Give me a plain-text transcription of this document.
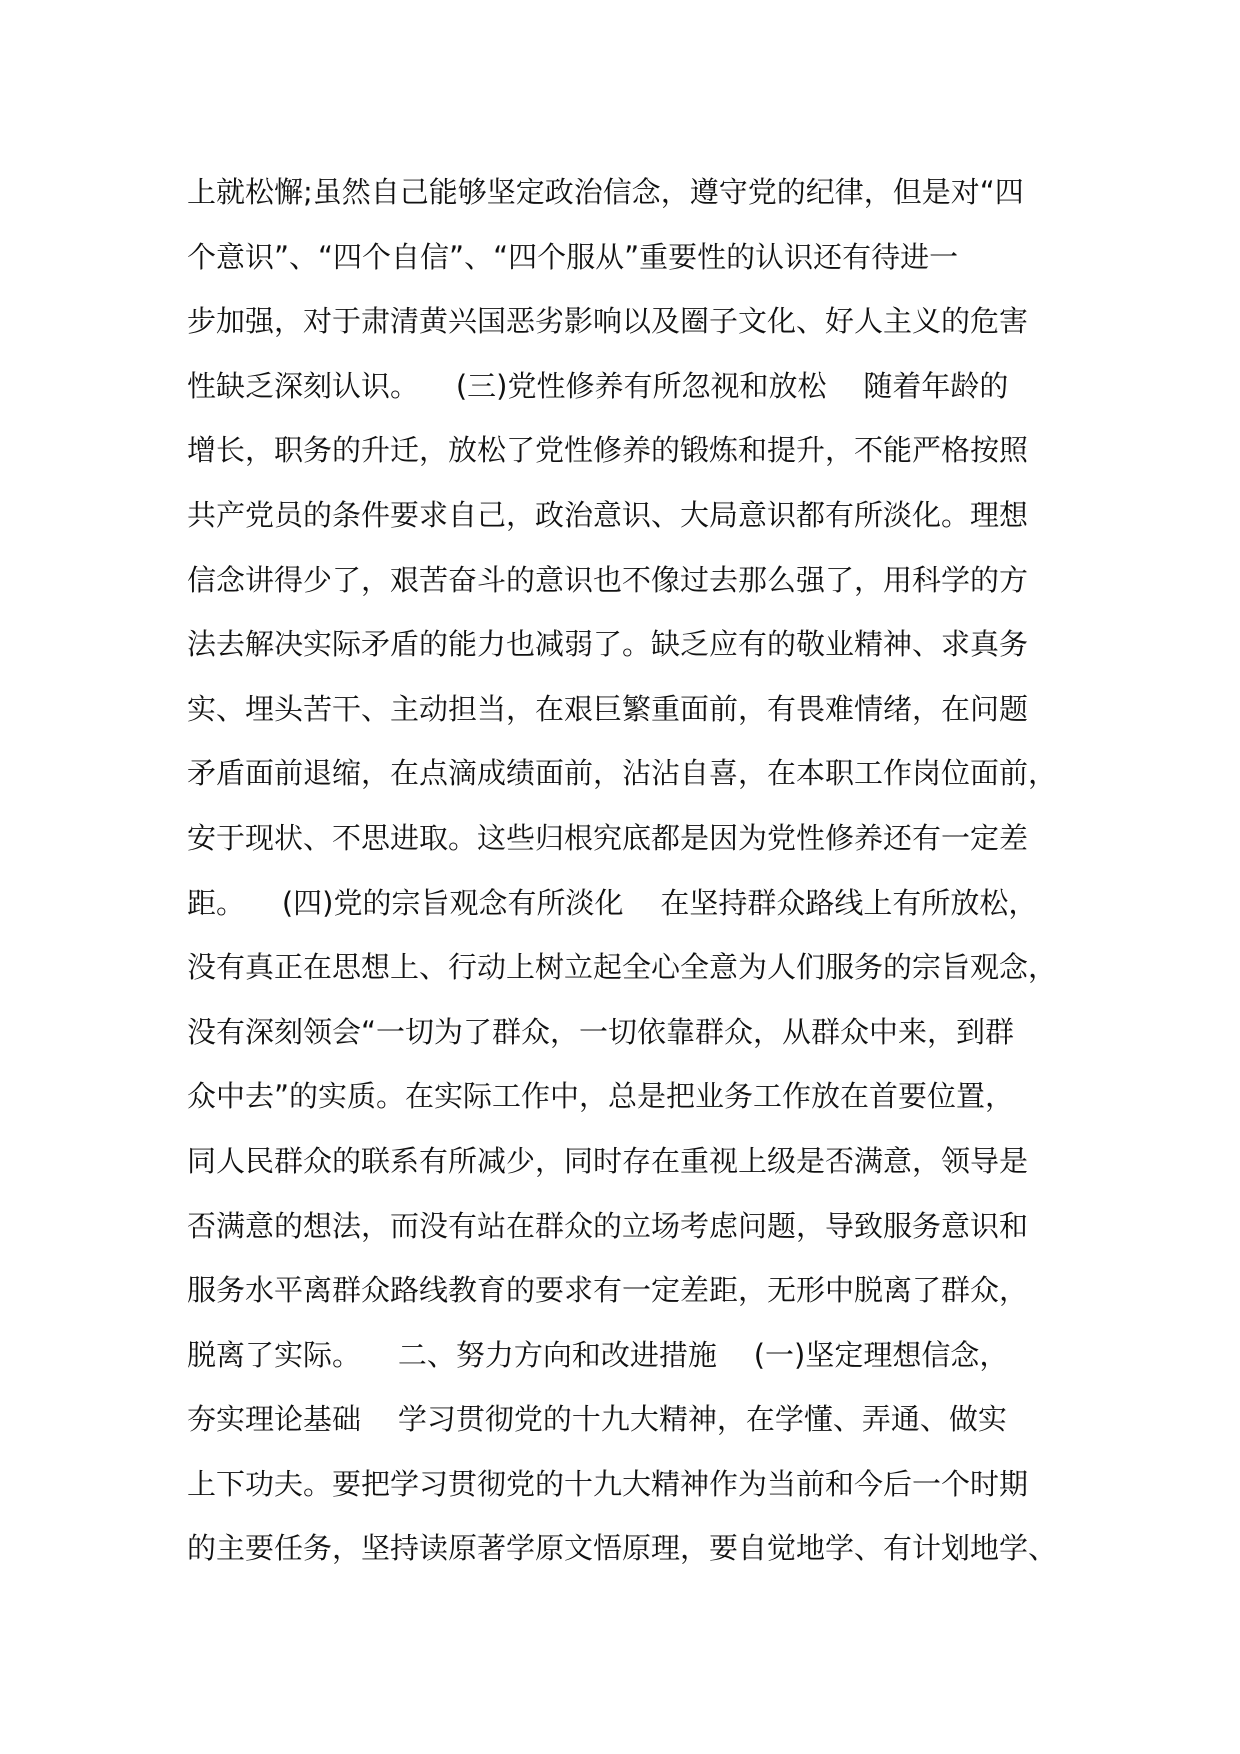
上就松懈;虽然自己能够坚定政治信念，遵守党的纪律，但是对“四
个意识”、“四个自信”、“四个服从”重要性的认识还有待进一
步加强，对于肃清黄兴国恶劣影响以及圈子文化、好人主义的危害
性缺乏深刻认识。    (三)党性修养有所忽视和放松    随着年龄的
增长，职务的升迁，放松了党性修养的锻炼和提升，不能严格按照
共产党员的条件要求自己，政治意识、大局意识都有所淡化。理想
信念讲得少了，艰苦奋斗的意识也不像过去那么强了，用科学的方
法去解决实际矛盾的能力也减弱了。缺乏应有的敬业精神、求真务
实、埋头苦干、主动担当，在艰巨繁重面前，有畏难情绪，在问题
矛盾面前退缩，在点滴成绩面前，沾沾自喜，在本职工作岗位面前，
安于现状、不思进取。这些归根究底都是因为党性修养还有一定差
距。    (四)党的宗旨观念有所淡化    在坚持群众路线上有所放松，
没有真正在思想上、行动上树立起全心全意为人们服务的宗旨观念，
没有深刻领会“一切为了群众，一切依靠群众，从群众中来，到群
众中去”的实质。在实际工作中，总是把业务工作放在首要位置，
同人民群众的联系有所减少，同时存在重视上级是否满意，领导是
否满意的想法，而没有站在群众的立场考虑问题，导致服务意识和
服务水平离群众路线教育的要求有一定差距，无形中脱离了群众，
脱离了实际。    二、努力方向和改进措施    (一)坚定理想信念，
夯实理论基础    学习贯彻党的十九大精神，在学懂、弄通、做实
上下功夫。要把学习贯彻党的十九大精神作为当前和今后一个时期
的主要任务，坚持读原著学原文悟原理，要自觉地学、有计划地学、
